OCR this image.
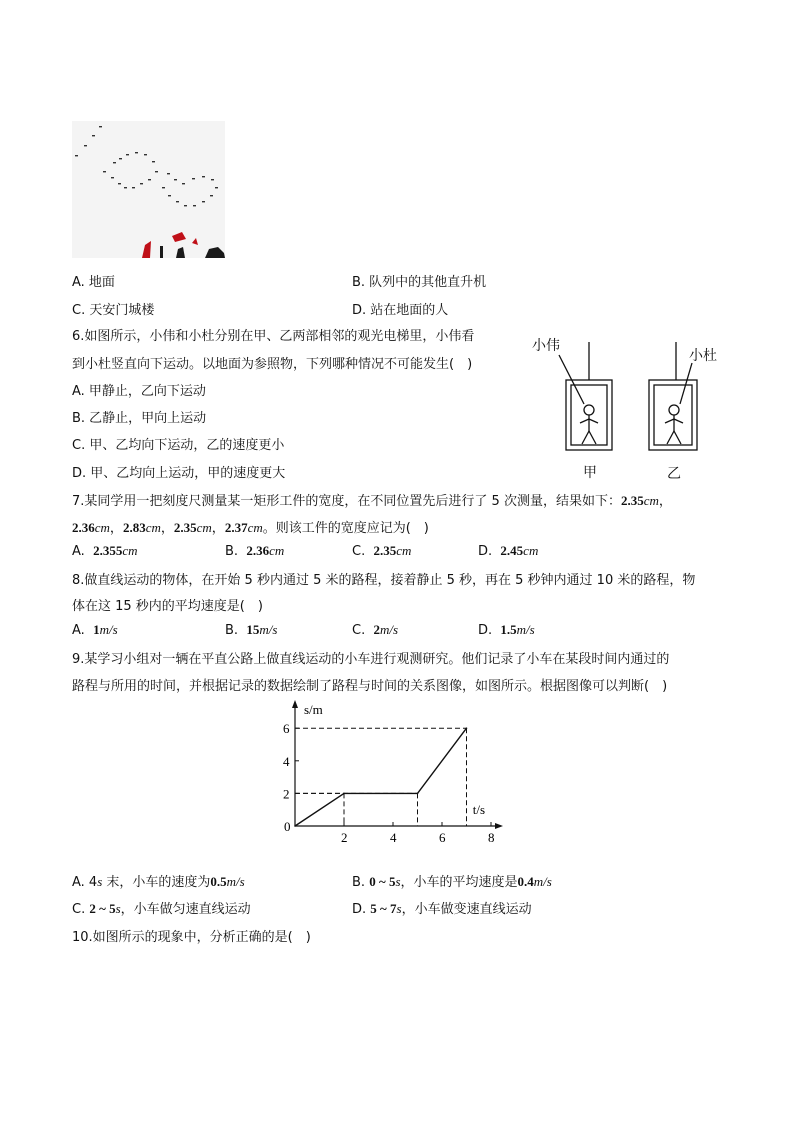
A. 地面	B. 队列中的其他直升机
C. 天安门城楼	D. 站在地面的人
6.如图所示，小伟和小杜分别在甲、乙两部相邻的观光电梯里，小伟看
到小杜竖直向下运动。以地面为参照物，下列哪种情况不可能发生(　)
A. 甲静止，乙向下运动
B. 乙静止，甲向上运动
C. 甲、乙均向下运动，乙的速度更小
D. 甲、乙均向上运动，甲的速度更大
小伟
小杜
甲	乙
7.某同学用一把刻度尺测量某一矩形工件的宽度，在不同位置先后进行了 5 次测量，结果如下：2.35cm，
2.36cm，2.83cm，2.35cm，2.37cm。则该工件的宽度应记为(　)
A. 2.355cm	B. 2.36cm	C. 2.35cm	D. 2.45cm
8.做直线运动的物体，在开始 5 秒内通过 5 米的路程，接着静止 5 秒，再在 5 秒钟内通过 10 米的路程，物
体在这 15 秒内的平均速度是(　)
A. 1m/s	B. 15m/s	C. 2m/s	D. 1.5m/s
9.某学习小组对一辆在平直公路上做直线运动的小车进行观测研究。他们记录了小车在某段时间内通过的
路程与所用的时间，并根据记录的数据绘制了路程与时间的关系图像，如图所示。根据图像可以判断(　)
s/m
t/s
0
2	4	6	8
2
4
6
A. 4s 末，小车的速度为0.5m/s	B. 0 ~ 5s，小车的平均速度是0.4m/s
C. 2 ~ 5s，小车做匀速直线运动	D. 5 ~ 7s，小车做变速直线运动
10.如图所示的现象中，分析正确的是(　)
